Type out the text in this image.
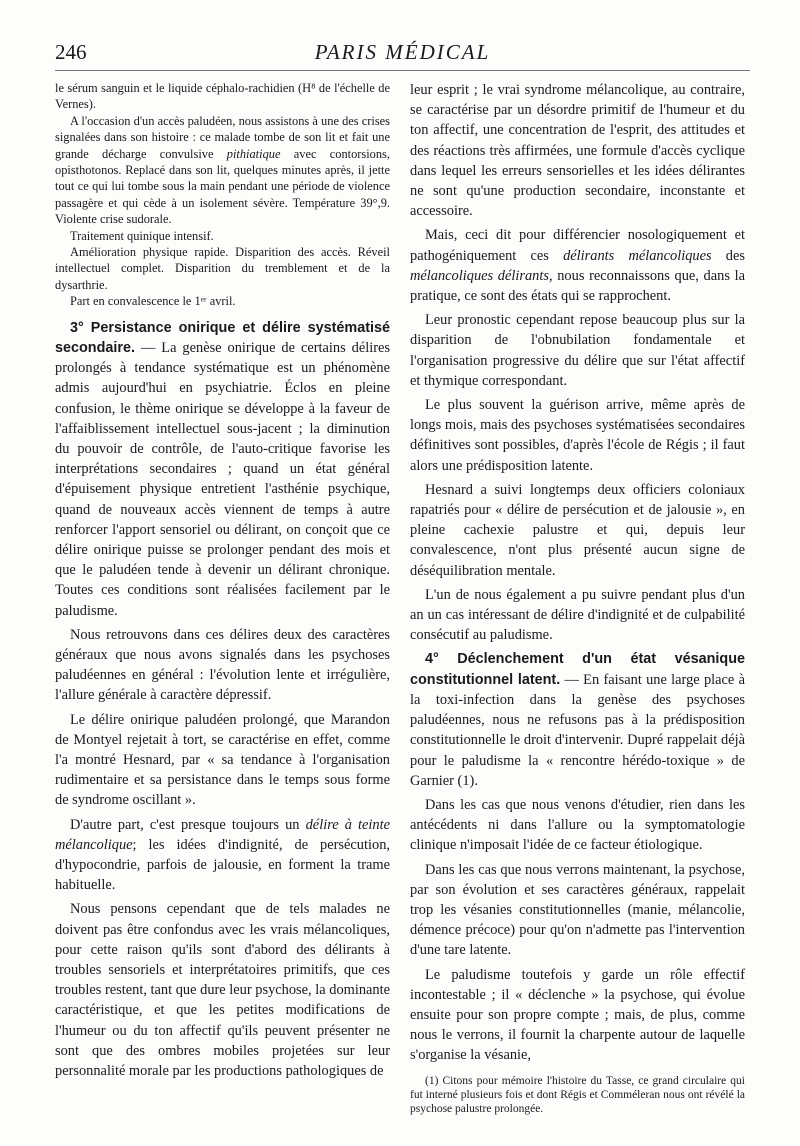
246	PARIS MÉDICAL

le sérum sanguin et le liquide céphalo-rachidien (H⁸ de l'échelle de Vernes).

A l'occasion d'un accès paludéen, nous assistons à une des crises signalées dans son histoire : ce malade tombe de son lit et fait une grande décharge convulsive pithiatique avec contorsions, opisthotonos. Replacé dans son lit, quelques minutes après, il jette tout ce qui lui tombe sous la main pendant une période de violence passagère et qui cède à un isolement sévère. Température 39°,9. Violente crise sudorale.

Traitement quinique intensif.

Amélioration physique rapide. Disparition des accès. Réveil intellectuel complet. Disparition du tremblement et de la dysarthrie.

Part en convalescence le 1ᵉʳ avril.

3° Persistance onirique et délire systématisé secondaire. — La genèse onirique de certains délires prolongés à tendance systématique est un phénomène admis aujourd'hui en psychiatrie. Éclos en pleine confusion, le thème onirique se développe à la faveur de l'affaiblissement intellectuel sous-jacent ; la diminution du pouvoir de contrôle, de l'auto-critique favorise les interprétations secondaires ; quand un état général d'épuisement physique entretient l'asthénie psychique, quand de nouveaux accès viennent de temps à autre renforcer l'apport sensoriel ou délirant, on conçoit que ce délire onirique puisse se prolonger pendant des mois et que le paludéen tende à devenir un délirant chronique. Toutes ces conditions sont réalisées facilement par le paludisme.

Nous retrouvons dans ces délires deux des caractères généraux que nous avons signalés dans les psychoses paludéennes en général : l'évolution lente et irrégulière, l'allure générale à caractère dépressif.

Le délire onirique paludéen prolongé, que Marandon de Montyel rejetait à tort, se caractérise en effet, comme l'a montré Hesnard, par « sa tendance à l'organisation rudimentaire et sa persistance dans le temps sous forme de syndrome oscillant ».

D'autre part, c'est presque toujours un délire à teinte mélancolique; les idées d'indignité, de persécution, d'hypocondrie, parfois de jalousie, en forment la trame habituelle.

Nous pensons cependant que de tels malades ne doivent pas être confondus avec les vrais mélancoliques, pour cette raison qu'ils sont d'abord des délirants à troubles sensoriels et interprétatoires primitifs, que ces troubles restent, tant que dure leur psychose, la dominante caractéristique, et que les petites modifications de l'humeur ou du ton affectif qu'ils peuvent présenter ne sont que des ombres mobiles projetées sur leur personnalité morale par les productions pathologiques de

leur esprit ; le vrai syndrome mélancolique, au contraire, se caractérise par un désordre primitif de l'humeur et du ton affectif, une concentration de l'esprit, des attitudes et des réactions très affirmées, une formule d'accès cyclique dans lequel les erreurs sensorielles et les idées délirantes ne sont qu'une production secondaire, inconstante et accessoire.

Mais, ceci dit pour différencier nosologiquement et pathogéniquement ces délirants mélancoliques des mélancoliques délirants, nous reconnaissons que, dans la pratique, ce sont des états qui se rapprochent.

Leur pronostic cependant repose beaucoup plus sur la disparition de l'obnubilation fondamentale et l'organisation progressive du délire que sur l'état affectif et thymique correspondant.

Le plus souvent la guérison arrive, même après de longs mois, mais des psychoses systématisées secondaires définitives sont possibles, d'après l'école de Régis ; il faut alors une prédisposition latente.

Hesnard a suivi longtemps deux officiers coloniaux rapatriés pour « délire de persécution et de jalousie », en pleine cachexie palustre et qui, depuis leur convalescence, n'ont plus présenté aucun signe de déséquilibration mentale.

L'un de nous également a pu suivre pendant plus d'un an un cas intéressant de délire d'indignité et de culpabilité consécutif au paludisme.

4° Déclenchement d'un état vésanique constitutionnel latent. — En faisant une large place à la toxi-infection dans la genèse des psychoses paludéennes, nous ne refusons pas à la prédisposition constitutionnelle le droit d'intervenir. Dupré rappelait déjà pour le paludisme la « rencontre hérédo-toxique » de Garnier (1).

Dans les cas que nous venons d'étudier, rien dans les antécédents ni dans l'allure ou la symptomatologie clinique n'imposait l'idée de ce facteur étiologique.

Dans les cas que nous verrons maintenant, la psychose, par son évolution et ses caractères généraux, rappelait trop les vésanies constitutionnelles (manie, mélancolie, démence précoce) pour qu'on n'admette pas l'intervention d'une tare latente.

Le paludisme toutefois y garde un rôle effectif incontestable ; il « déclenche » la psychose, qui évolue ensuite pour son propre compte ; mais, de plus, comme nous le verrons, il fournit la charpente autour de laquelle s'organise la vésanie,

(1) Citons pour mémoire l'histoire du Tasse, ce grand circulaire qui fut interné plusieurs fois et dont Régis et Comméleran nous ont révélé la psychose palustre prolongée.
